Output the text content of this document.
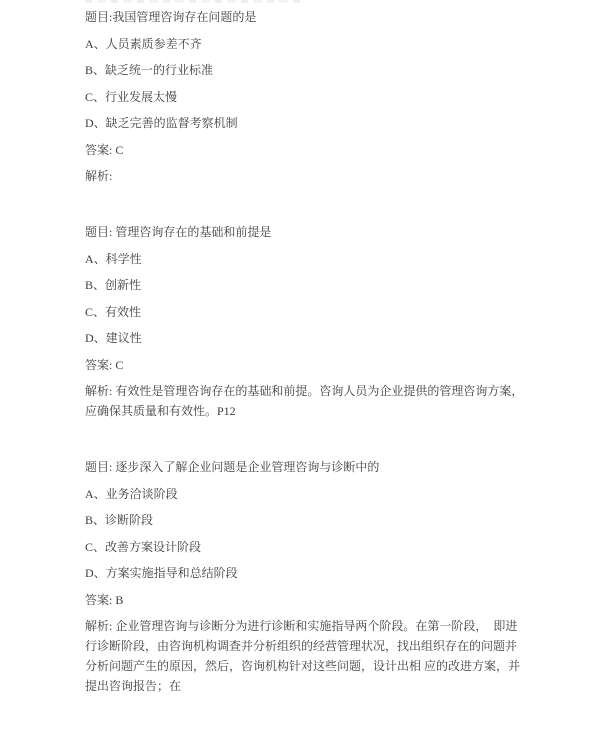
题目:我国管理咨询存在问题的是

A、人员素质参差不齐

B、缺乏统一的行业标准

C、行业发展太慢

D、缺乏完善的监督考察机制

答案: C

解析:

题目: 管理咨询存在的基础和前提是

A、科学性

B、创新性

C、有效性

D、建议性

答案: C

解析: 有效性是管理咨询存在的基础和前提。咨询人员为企业提供的管理咨询方案，  应确保其质量和有效性。P12

题目: 逐步深入了解企业问题是企业管理咨询与诊断中的

A、业务洽谈阶段

B、诊断阶段

C、改善方案设计阶段

D、方案实施指导和总结阶段

答案: B

解析: 企业管理咨询与诊断分为进行诊断和实施指导两个阶段。在第一阶段，  即进行诊断阶段，由咨询机构调查并分析组织的经营管理状况，找出组织存在的问题并分析问题产生的原因，然后，咨询机构针对这些问题，设计出相 应的改进方案，并提出咨询报告；在
